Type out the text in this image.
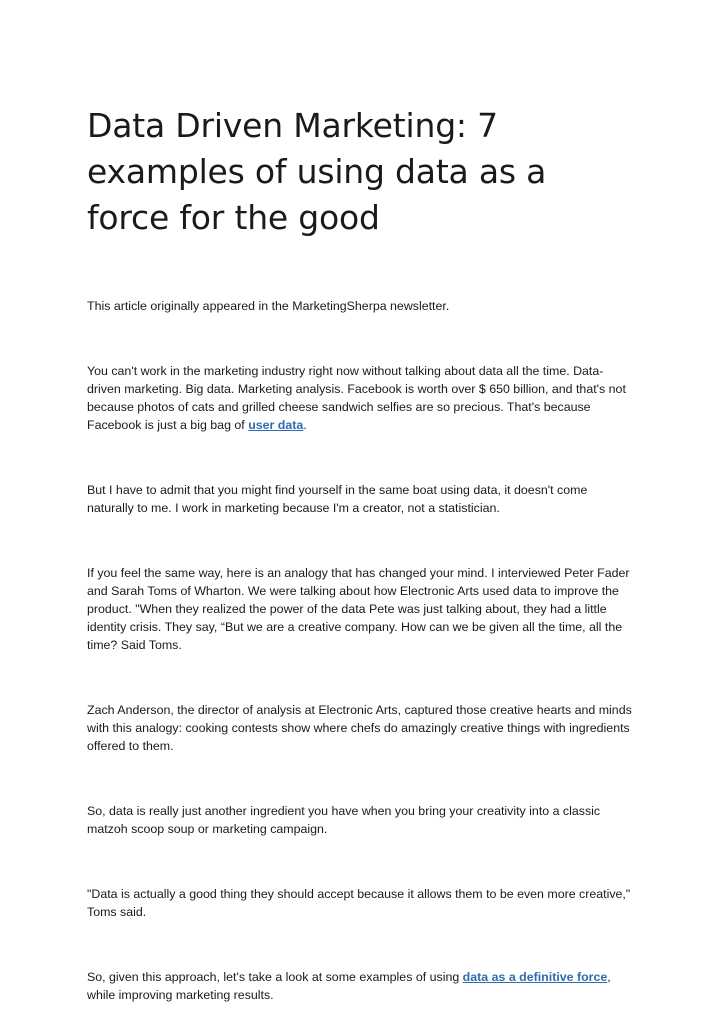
Data Driven Marketing: 7 examples of using data as a force for the good

This article originally appeared in the MarketingSherpa newsletter.

You can't work in the marketing industry right now without talking about data all the time. Data-driven marketing. Big data. Marketing analysis. Facebook is worth over $ 650 billion, and that's not because photos of cats and grilled cheese sandwich selfies are so precious. That's because Facebook is just a big bag of user data.

But I have to admit that you might find yourself in the same boat using data, it doesn't come naturally to me. I work in marketing because I'm a creator, not a statistician.

If you feel the same way, here is an analogy that has changed your mind. I interviewed Peter Fader and Sarah Toms of Wharton. We were talking about how Electronic Arts used data to improve the product. "When they realized the power of the data Pete was just talking about, they had a little identity crisis. They say, “But we are a creative company. How can we be given all the time, all the time? Said Toms.

Zach Anderson, the director of analysis at Electronic Arts, captured those creative hearts and minds with this analogy: cooking contests show where chefs do amazingly creative things with ingredients offered to them.

So, data is really just another ingredient you have when you bring your creativity into a classic matzoh scoop soup or marketing campaign.

"Data is actually a good thing they should accept because it allows them to be even more creative," Toms said.

So, given this approach, let's take a look at some examples of using data as a definitive force, while improving marketing results.
